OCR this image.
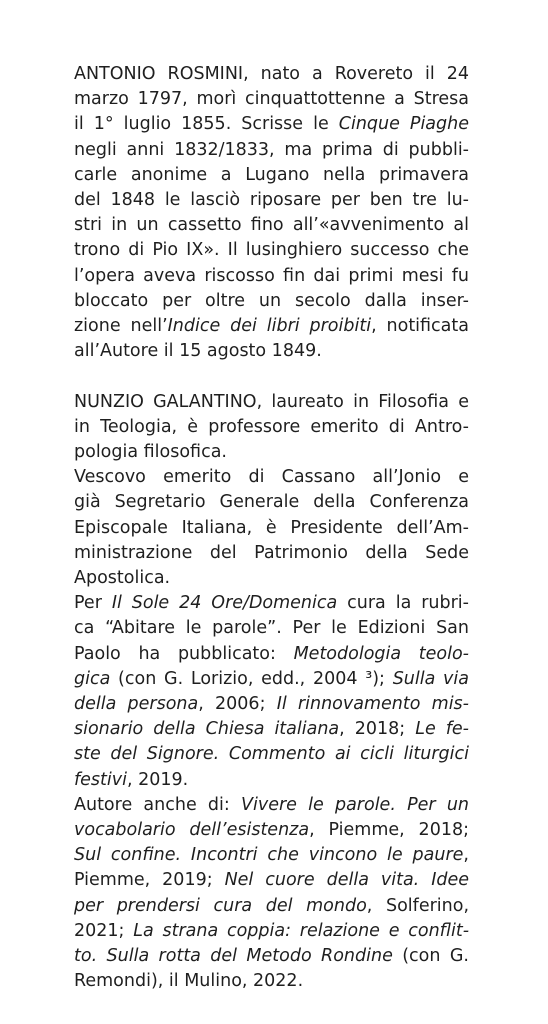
ANTONIO ROSMINI, nato a Rovereto il 24
marzo 1797, morì cinquattottenne a Stresa
il 1° luglio 1855. Scrisse le Cinque Piaghe
negli anni 1832/1833, ma prima di pubbli-
carle anonime a Lugano nella primavera
del 1848 le lasciò riposare per ben tre lu-
stri in un cassetto fino all’«avvenimento al
trono di Pio IX». Il lusinghiero successo che
l’opera aveva riscosso fin dai primi mesi fu
bloccato per oltre un secolo dalla inser-
zione nell’Indice dei libri proibiti, notificata
all’Autore il 15 agosto 1849.
NUNZIO GALANTINO, laureato in Filosofia e
in Teologia, è professore emerito di Antro-
pologia filosofica.
Vescovo emerito di Cassano all’Jonio e
già Segretario Generale della Conferenza
Episcopale Italiana, è Presidente dell’Am-
ministrazione del Patrimonio della Sede
Apostolica.
Per Il Sole 24 Ore/Domenica cura la rubri-
ca “Abitare le parole”. Per le Edizioni San
Paolo ha pubblicato: Metodologia teolo-
gica (con G. Lorizio, edd., 2004 ³); Sulla via
della persona, 2006; Il rinnovamento mis-
sionario della Chiesa italiana, 2018; Le fe-
ste del Signore. Commento ai cicli liturgici
festivi, 2019.
Autore anche di: Vivere le parole. Per un
vocabolario dell’esistenza, Piemme, 2018;
Sul confine. Incontri che vincono le paure,
Piemme, 2019; Nel cuore della vita. Idee
per prendersi cura del mondo, Solferino,
2021; La strana coppia: relazione e conflit-
to. Sulla rotta del Metodo Rondine (con G.
Remondi), il Mulino, 2022.
